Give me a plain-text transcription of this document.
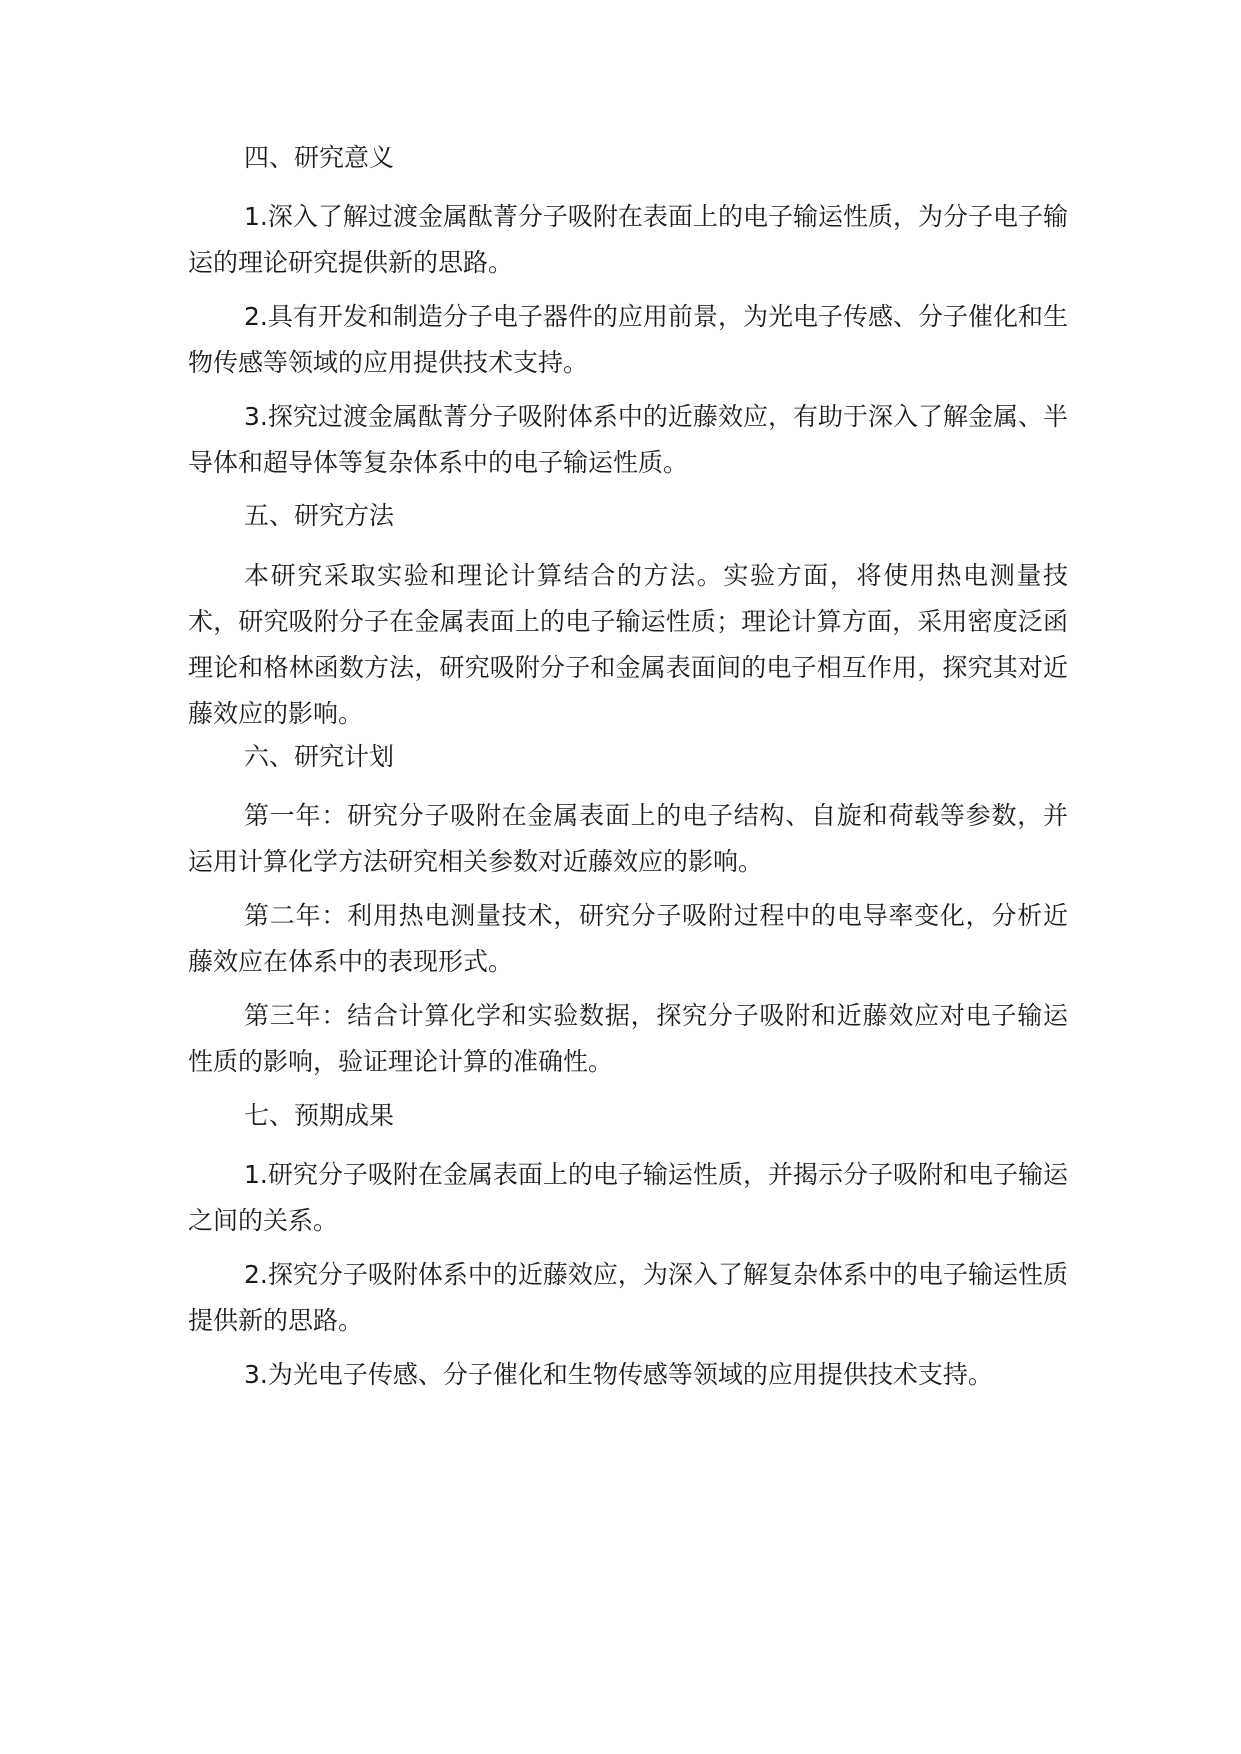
四、研究意义

1.深入了解过渡金属酞菁分子吸附在表面上的电子输运性质，为分子电子输运的理论研究提供新的思路。

2.具有开发和制造分子电子器件的应用前景，为光电子传感、分子催化和生物传感等领域的应用提供技术支持。

3.探究过渡金属酞菁分子吸附体系中的近藤效应，有助于深入了解金属、半导体和超导体等复杂体系中的电子输运性质。

五、研究方法

本研究采取实验和理论计算结合的方法。实验方面，将使用热电测量技术，研究吸附分子在金属表面上的电子输运性质；理论计算方面，采用密度泛函理论和格林函数方法，研究吸附分子和金属表面间的电子相互作用，探究其对近藤效应的影响。

六、研究计划

第一年：研究分子吸附在金属表面上的电子结构、自旋和荷载等参数，并运用计算化学方法研究相关参数对近藤效应的影响。

第二年：利用热电测量技术，研究分子吸附过程中的电导率变化，分析近藤效应在体系中的表现形式。

第三年：结合计算化学和实验数据，探究分子吸附和近藤效应对电子输运性质的影响，验证理论计算的准确性。

七、预期成果

1.研究分子吸附在金属表面上的电子输运性质，并揭示分子吸附和电子输运之间的关系。

2.探究分子吸附体系中的近藤效应，为深入了解复杂体系中的电子输运性质提供新的思路。

3.为光电子传感、分子催化和生物传感等领域的应用提供技术支持。
